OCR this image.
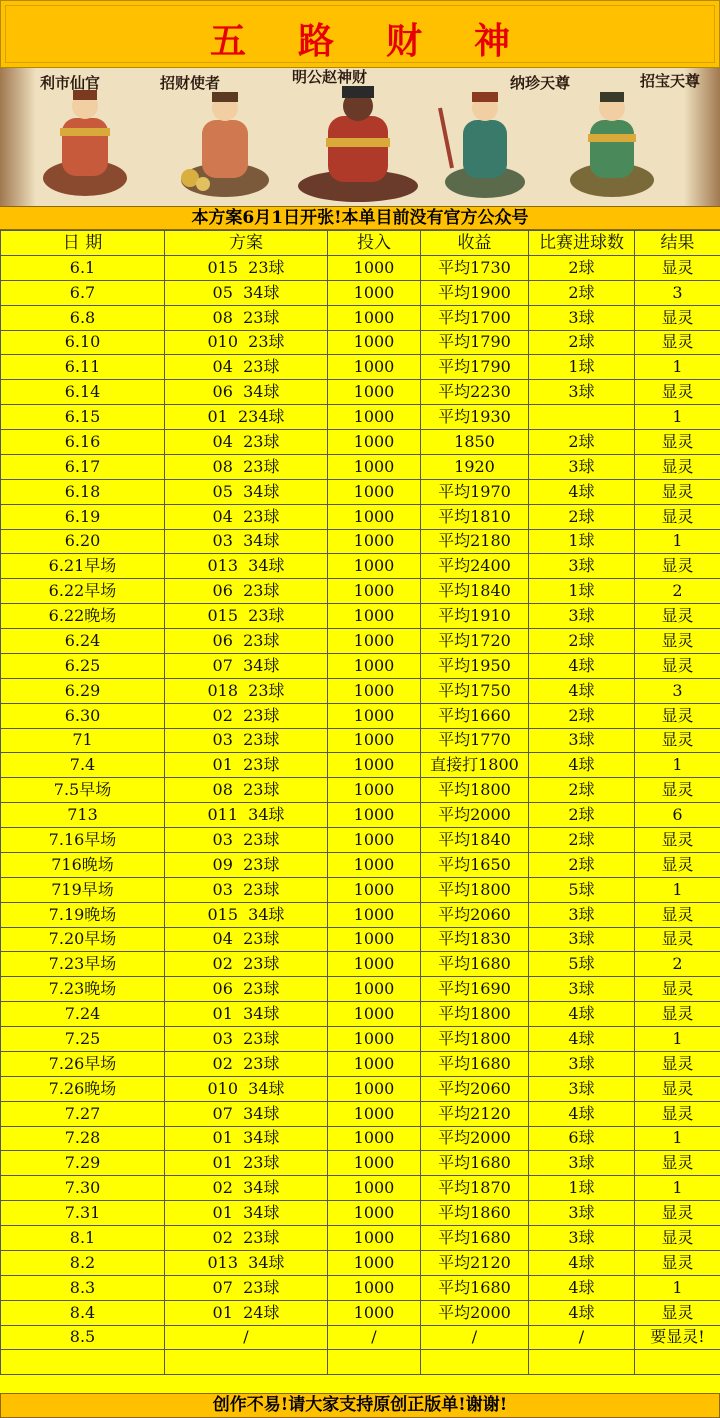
五路财神
利市仙官	招财使者	明公赵神财	纳珍天尊	招宝天尊
本方案6月1日开张!本单目前没有官方公众号
日 期	方案	投入	收益	比赛进球数	结果
6.1	015  23球	1000	平均1730	2球	显灵
6.7	05  34球	1000	平均1900	2球	3
6.8	08  23球	1000	平均1700	3球	显灵
6.10	010  23球	1000	平均1790	2球	显灵
6.11	04  23球	1000	平均1790	1球	1
6.14	06  34球	1000	平均2230	3球	显灵
6.15	01  234球	1000	平均1930		1
6.16	04  23球	1000	1850	2球	显灵
6.17	08  23球	1000	1920	3球	显灵
6.18	05  34球	1000	平均1970	4球	显灵
6.19	04  23球	1000	平均1810	2球	显灵
6.20	03  34球	1000	平均2180	1球	1
6.21早场	013  34球	1000	平均2400	3球	显灵
6.22早场	06  23球	1000	平均1840	1球	2
6.22晚场	015  23球	1000	平均1910	3球	显灵
6.24	06  23球	1000	平均1720	2球	显灵
6.25	07  34球	1000	平均1950	4球	显灵
6.29	018  23球	1000	平均1750	4球	3
6.30	02  23球	1000	平均1660	2球	显灵
71	03  23球	1000	平均1770	3球	显灵
7.4	01  23球	1000	直接打1800	4球	1
7.5早场	08  23球	1000	平均1800	2球	显灵
713	011  34球	1000	平均2000	2球	6
7.16早场	03  23球	1000	平均1840	2球	显灵
716晚场	09  23球	1000	平均1650	2球	显灵
719早场	03  23球	1000	平均1800	5球	1
7.19晚场	015  34球	1000	平均2060	3球	显灵
7.20早场	04  23球	1000	平均1830	3球	显灵
7.23早场	02  23球	1000	平均1680	5球	2
7.23晚场	06  23球	1000	平均1690	3球	显灵
7.24	01  34球	1000	平均1800	4球	显灵
7.25	03  23球	1000	平均1800	4球	1
7.26早场	02  23球	1000	平均1680	3球	显灵
7.26晚场	010  34球	1000	平均2060	3球	显灵
7.27	07  34球	1000	平均2120	4球	显灵
7.28	01  34球	1000	平均2000	6球	1
7.29	01  23球	1000	平均1680	3球	显灵
7.30	02  34球	1000	平均1870	1球	1
7.31	01  34球	1000	平均1860	3球	显灵
8.1	02  23球	1000	平均1680	3球	显灵
8.2	013  34球	1000	平均2120	4球	显灵
8.3	07  23球	1000	平均1680	4球	1
8.4	01  24球	1000	平均2000	4球	显灵
8.5	/	/	/	/	要显灵!

创作不易!请大家支持原创正版单!谢谢!
